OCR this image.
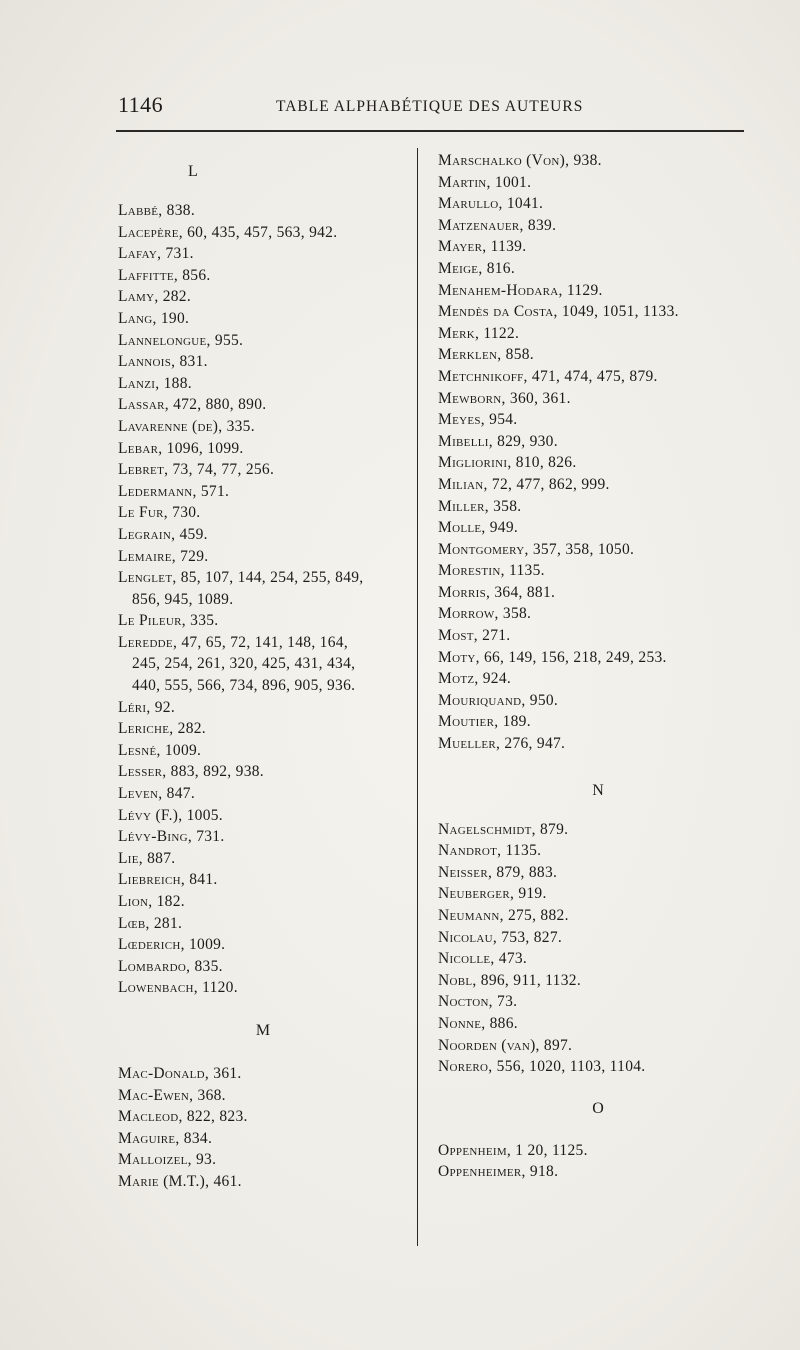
1146	TABLE ALPHABÉTIQUE DES AUTEURS
L
Labbé, 838.
Lacepère, 60, 435, 457, 563, 942.
Lafay, 731.
Laffitte, 856.
Lamy, 282.
Lang, 190.
Lannelongue, 955.
Lannois, 831.
Lanzi, 188.
Lassar, 472, 880, 890.
Lavarenne (de), 335.
Lebar, 1096, 1099.
Lebret, 73, 74, 77, 256.
Ledermann, 571.
Le Fur, 730.
Legrain, 459.
Lemaire, 729.
Lenglet, 85, 107, 144, 254, 255, 849,
856, 945, 1089.
Le Pileur, 335.
Leredde, 47, 65, 72, 141, 148, 164,
245, 254, 261, 320, 425, 431, 434,
440, 555, 566, 734, 896, 905, 936.
Léri, 92.
Leriche, 282.
Lesné, 1009.
Lesser, 883, 892, 938.
Leven, 847.
Lévy (F.), 1005.
Lévy-Bing, 731.
Lie, 887.
Liebreich, 841.
Lion, 182.
Lœb, 281.
Lœderich, 1009.
Lombardo, 835.
Lowenbach, 1120.
M
Mac-Donald, 361.
Mac-Ewen, 368.
Macleod, 822, 823.
Maguire, 834.
Malloizel, 93.
Marie (M.T.), 461.
Marschalko (Von), 938.
Martin, 1001.
Marullo, 1041.
Matzenauer, 839.
Mayer, 1139.
Meige, 816.
Menahem-Hodara, 1129.
Mendès da Costa, 1049, 1051, 1133.
Merk, 1122.
Merklen, 858.
Metchnikoff, 471, 474, 475, 879.
Mewborn, 360, 361.
Meyes, 954.
Mibelli, 829, 930.
Migliorini, 810, 826.
Milian, 72, 477, 862, 999.
Miller, 358.
Molle, 949.
Montgomery, 357, 358, 1050.
Morestin, 1135.
Morris, 364, 881.
Morrow, 358.
Most, 271.
Moty, 66, 149, 156, 218, 249, 253.
Motz, 924.
Mouriquand, 950.
Moutier, 189.
Mueller, 276, 947.
N
Nagelschmidt, 879.
Nandrot, 1135.
Neisser, 879, 883.
Neuberger, 919.
Neumann, 275, 882.
Nicolau, 753, 827.
Nicolle, 473.
Nobl, 896, 911, 1132.
Nocton, 73.
Nonne, 886.
Noorden (van), 897.
Norero, 556, 1020, 1103, 1104.
O
Oppenheim, 1 20, 1125.
Oppenheimer, 918.
